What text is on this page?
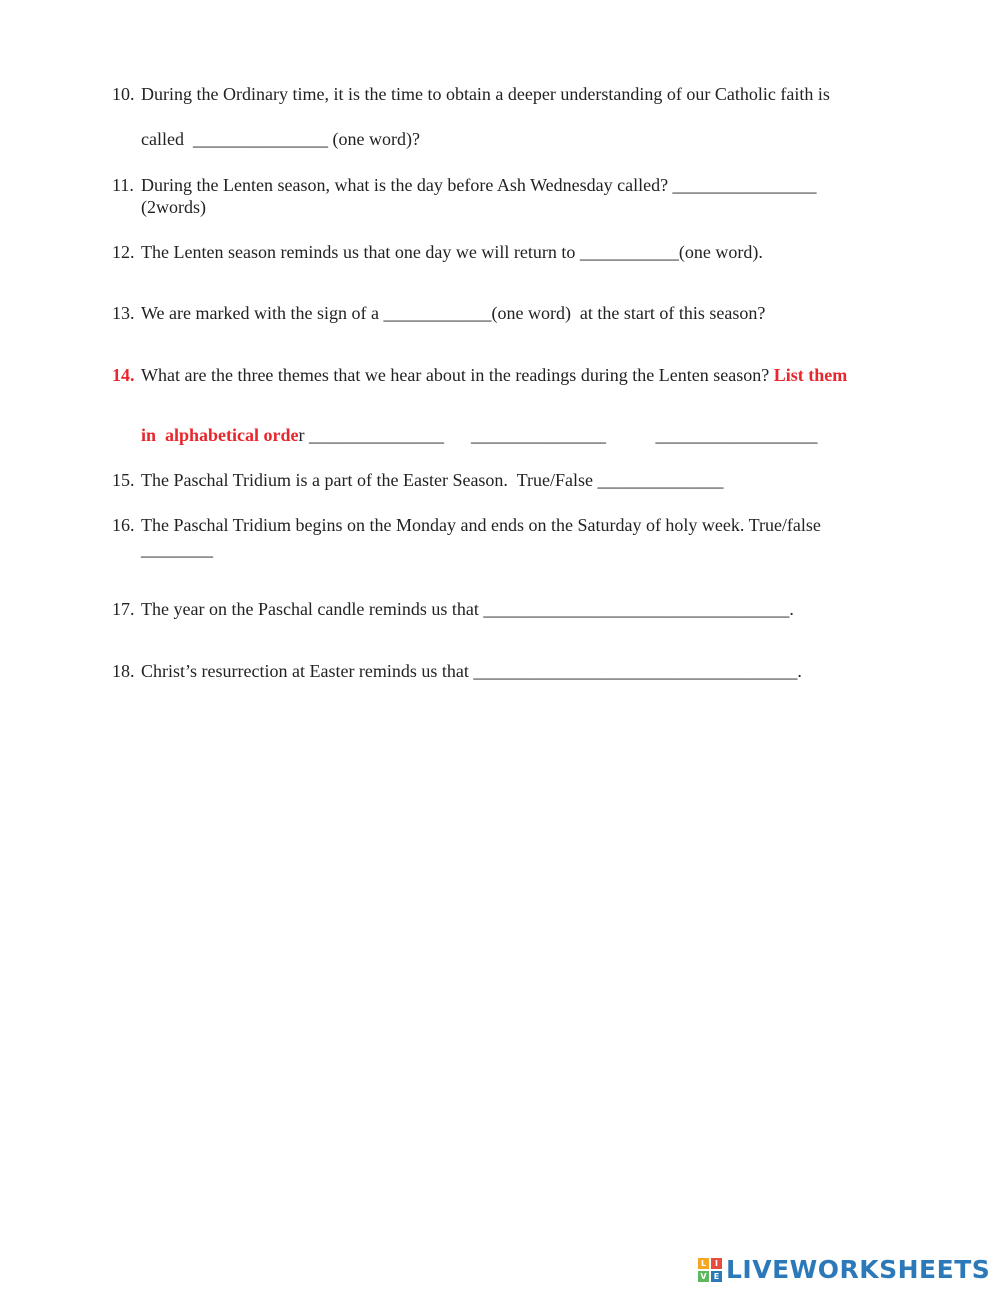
10. During the Ordinary time, it is the time to obtain a deeper understanding of our Catholic faith is
called  _______________ (one word)?
11. During the Lenten season, what is the day before Ash Wednesday called? ________________
(2words)
12. The Lenten season reminds us that one day we will return to ___________(one word).
13. We are marked with the sign of a ____________(one word)  at the start of this season?
14. What are the three themes that we hear about in the readings during the Lenten season? List them
in  alphabetical order _______________      _______________           __________________
15. The Paschal Tridium is a part of the Easter Season.  True/False ______________
16. The Paschal Tridium begins on the Monday and ends on the Saturday of holy week. True/false
________
17. The year on the Paschal candle reminds us that __________________________________.
18. Christ’s resurrection at Easter reminds us that ____________________________________.
L	I
V E LIVEWORKSHEETS
